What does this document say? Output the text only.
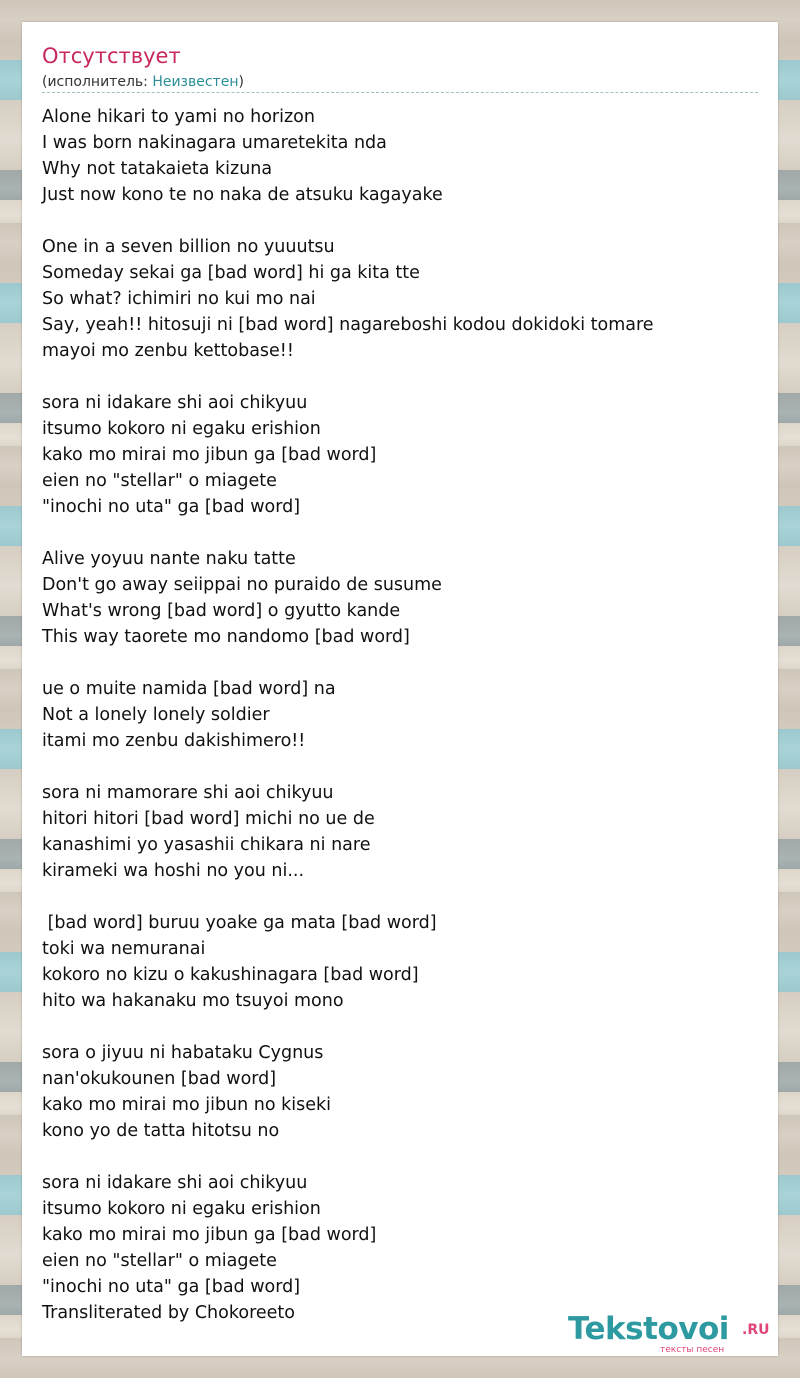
Отсутствует
(исполнитель: Неизвестен)
Alone hikari to yami no horizon
I was born nakinagara umaretekita nda
Why not tatakaieta kizuna
Just now kono te no naka de atsuku kagayake
One in a seven billion no yuuutsu
Someday sekai ga [bad word] hi ga kita tte
So what? ichimiri no kui mo nai
Say, yeah!! hitosuji ni [bad word] nagareboshi kodou dokidoki tomare
mayoi mo zenbu kettobase!!
sora ni idakare shi aoi chikyuu
itsumo kokoro ni egaku erishion
kako mo mirai mo jibun ga [bad word]
eien no "stellar" o miagete
"inochi no uta" ga [bad word]
Alive yoyuu nante naku tatte
Don't go away seiippai no puraido de susume
What's wrong [bad word] o gyutto kande
This way taorete mo nandomo [bad word]
ue o muite namida [bad word] na
Not a lonely lonely soldier
itami mo zenbu dakishimero!!
sora ni mamorare shi aoi chikyuu
hitori hitori [bad word] michi no ue de
kanashimi yo yasashii chikara ni nare
kirameki wa hoshi no you ni...
[bad word] buruu yoake ga mata [bad word]
toki wa nemuranai
kokoro no kizu o kakushinagara [bad word]
hito wa hakanaku mo tsuyoi mono
sora o jiyuu ni habataku Cygnus
nan'okukounen [bad word]
kako mo mirai mo jibun no kiseki
kono yo de tatta hitotsu no
sora ni idakare shi aoi chikyuu
itsumo kokoro ni egaku erishion
kako mo mirai mo jibun ga [bad word]
eien no "stellar" o miagete
"inochi no uta" ga [bad word]
Transliterated by Chokoreeto	Tekstovoi .RU
тексты песен
